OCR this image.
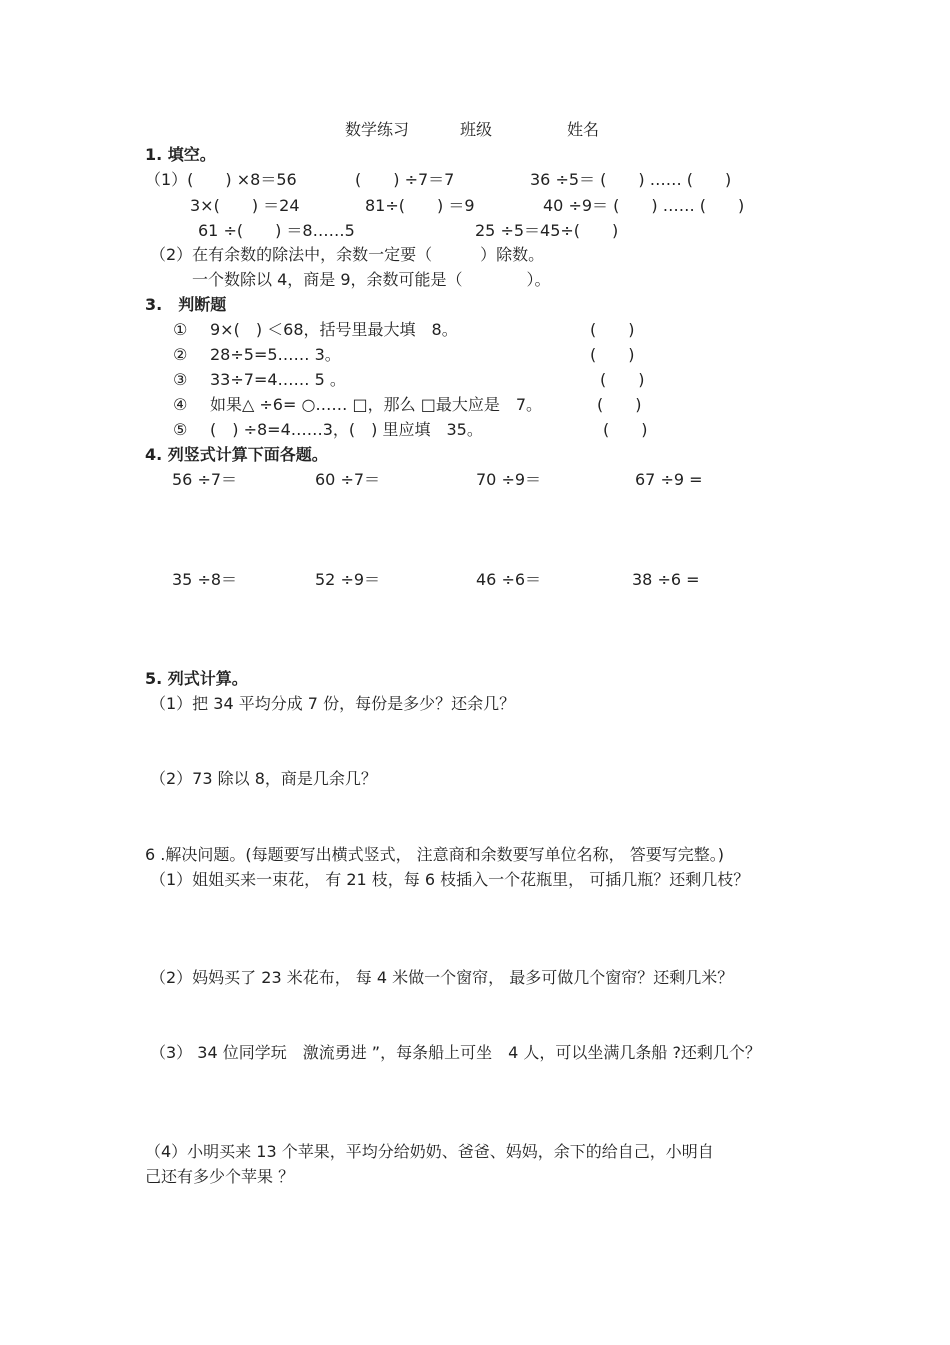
数学练习	班级	姓名
1. 填空。
（1）(　　) ×8＝56	(　　) ÷7＝7	36 ÷5＝ (　　) …… (　　)
3×(　　) ＝24	81÷(　　) ＝9	40 ÷9＝ (　　) …… (　　)
61 ÷(　　) ＝8……5	25 ÷5＝45÷(　　)
（2）在有余数的除法中，余数一定要（　　　）除数。
一个数除以 4，商是 9，余数可能是（　　　　）。
3.　判断题
① 9×(　) ＜68，括号里最大填　8。	(　　)
② 28÷5=5…… 3。	(　　)
③ 33÷7=4…… 5 。	(　　)
④ 如果△ ÷6= ○…… □，那么 □最大应是　7。	(　　)
⑤ (　) ÷8=4……3，(　) 里应填　35。	(　　)
4. 列竖式计算下面各题。
56 ÷7＝	60 ÷7＝	70 ÷9＝	67 ÷9 =
35 ÷8＝	52 ÷9＝	46 ÷6＝	38 ÷6 =
5. 列式计算。
（1）把 34 平均分成 7 份，每份是多少？还余几？
（2）73 除以 8，商是几余几？
6 .解决问题。(每题要写出横式竖式， 注意商和余数要写单位名称， 答要写完整。)
（1）姐姐买来一束花， 有 21 枝，每 6 枝插入一个花瓶里， 可插几瓶？还剩几枝？
（2）妈妈买了 23 米花布， 每 4 米做一个窗帘， 最多可做几个窗帘？还剩几米？
（3） 34 位同学玩　激流勇进 ”，每条船上可坐　4 人，可以坐满几条船 ?还剩几个？
（4）小明买来 13 个苹果，平均分给奶奶、爸爸、妈妈，余下的给自己，小明自
己还有多少个苹果 ？
